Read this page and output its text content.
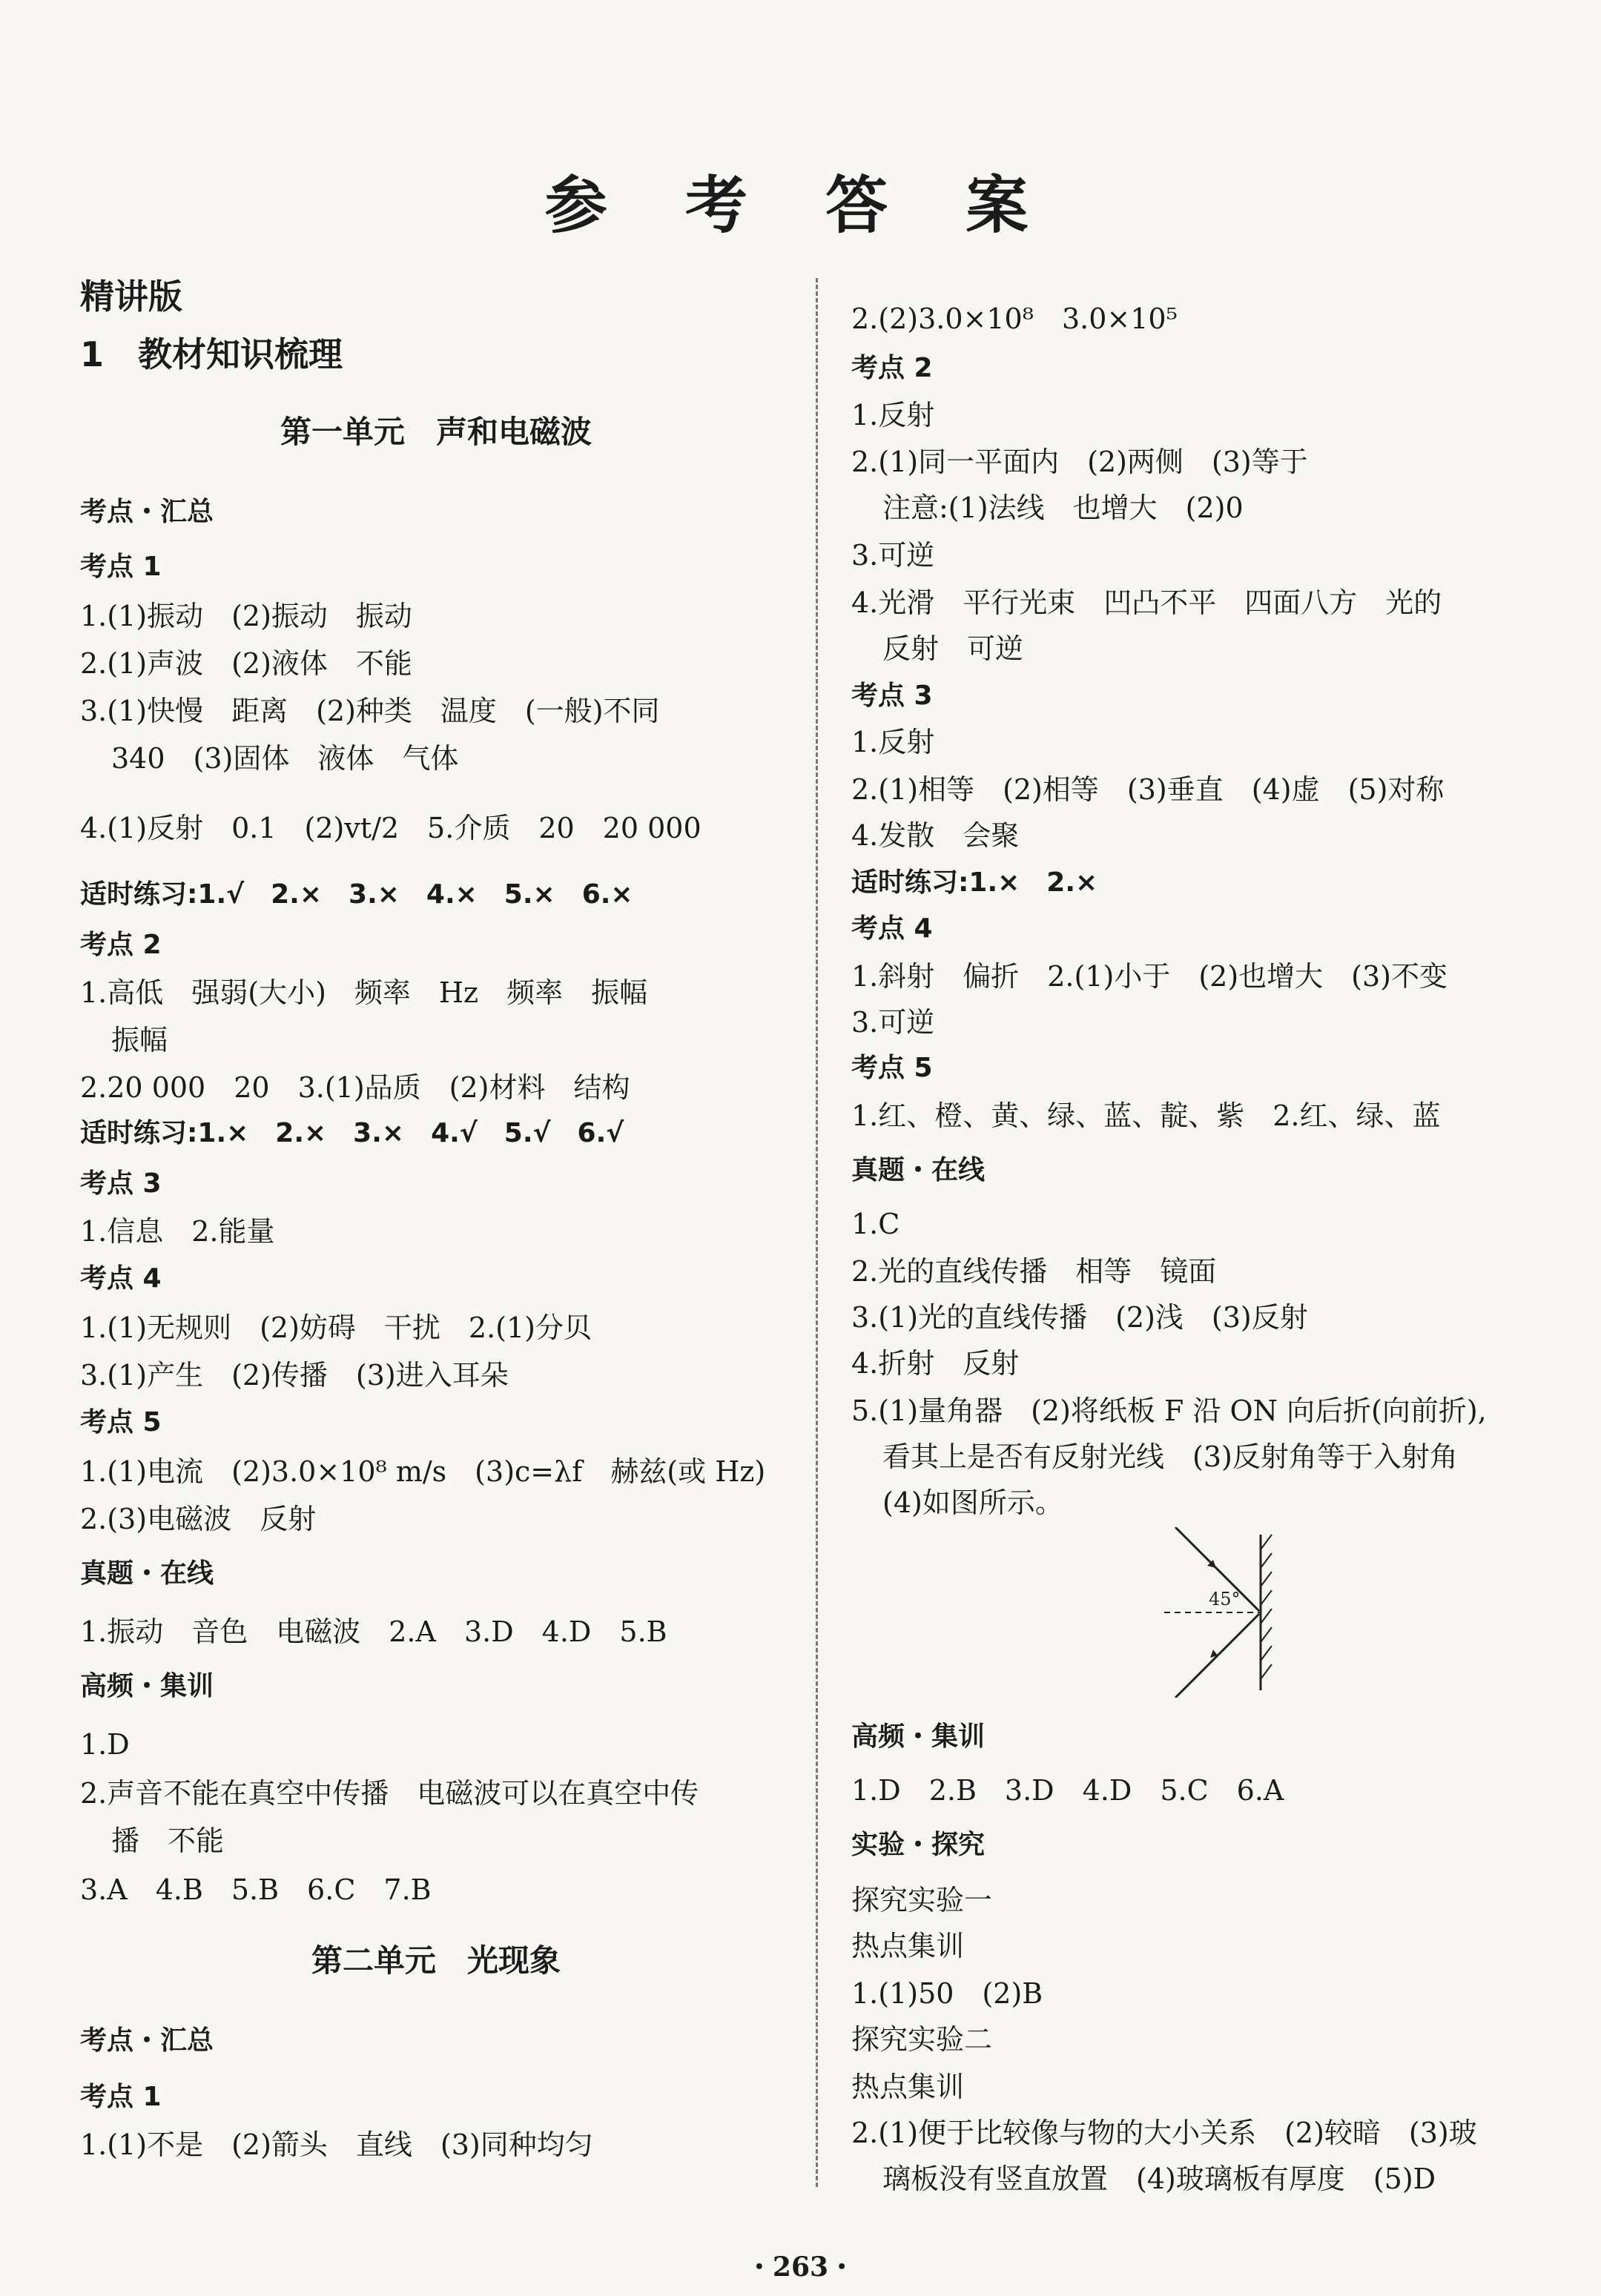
参 考 答 案
精讲版
1　教材知识梳理
第一单元　声和电磁波
考点・汇总
考点 1
1.(1)振动　(2)振动　振动
2.(1)声波　(2)液体　不能
3.(1)快慢　距离　(2)种类　温度　(一般)不同
340　(3)固体　液体　气体
4.(1)反射　0.1　(2)vt/2　5.介质　20　20 000
适时练习:1.√　2.×　3.×　4.×　5.×　6.×
考点 2
1.高低　强弱(大小)　频率　Hz　频率　振幅
振幅
2.20 000　20　3.(1)品质　(2)材料　结构
适时练习:1.×　2.×　3.×　4.√　5.√　6.√
考点 3
1.信息　2.能量
考点 4
1.(1)无规则　(2)妨碍　干扰　2.(1)分贝
3.(1)产生　(2)传播　(3)进入耳朵
考点 5
1.(1)电流　(2)3.0×10⁸ m/s　(3)c=λf　赫兹(或 Hz)
2.(3)电磁波　反射
真题・在线
1.振动　音色　电磁波　2.A　3.D　4.D　5.B
高频・集训
1.D
2.声音不能在真空中传播　电磁波可以在真空中传
播　不能
3.A　4.B　5.B　6.C　7.B
第二单元　光现象
考点・汇总
考点 1
1.(1)不是　(2)箭头　直线　(3)同种均匀
2.(2)3.0×10⁸　3.0×10⁵
考点 2
1.反射
2.(1)同一平面内　(2)两侧　(3)等于
注意:(1)法线　也增大　(2)0
3.可逆
4.光滑　平行光束　凹凸不平　四面八方　光的
反射　可逆
考点 3
1.反射
2.(1)相等　(2)相等　(3)垂直　(4)虚　(5)对称
4.发散　会聚
适时练习:1.×　2.×
考点 4
1.斜射　偏折　2.(1)小于　(2)也增大　(3)不变
3.可逆
考点 5
1.红、橙、黄、绿、蓝、靛、紫　2.红、绿、蓝
真题・在线
1.C
2.光的直线传播　相等　镜面
3.(1)光的直线传播　(2)浅　(3)反射
4.折射　反射
5.(1)量角器　(2)将纸板 F 沿 ON 向后折(向前折),
看其上是否有反射光线　(3)反射角等于入射角
(4)如图所示。
高频・集训
1.D　2.B　3.D　4.D　5.C　6.A
实验・探究
探究实验一
热点集训
1.(1)50　(2)B
探究实验二
热点集训
2.(1)便于比较像与物的大小关系　(2)较暗　(3)玻
璃板没有竖直放置　(4)玻璃板有厚度　(5)D
45°
・263・
